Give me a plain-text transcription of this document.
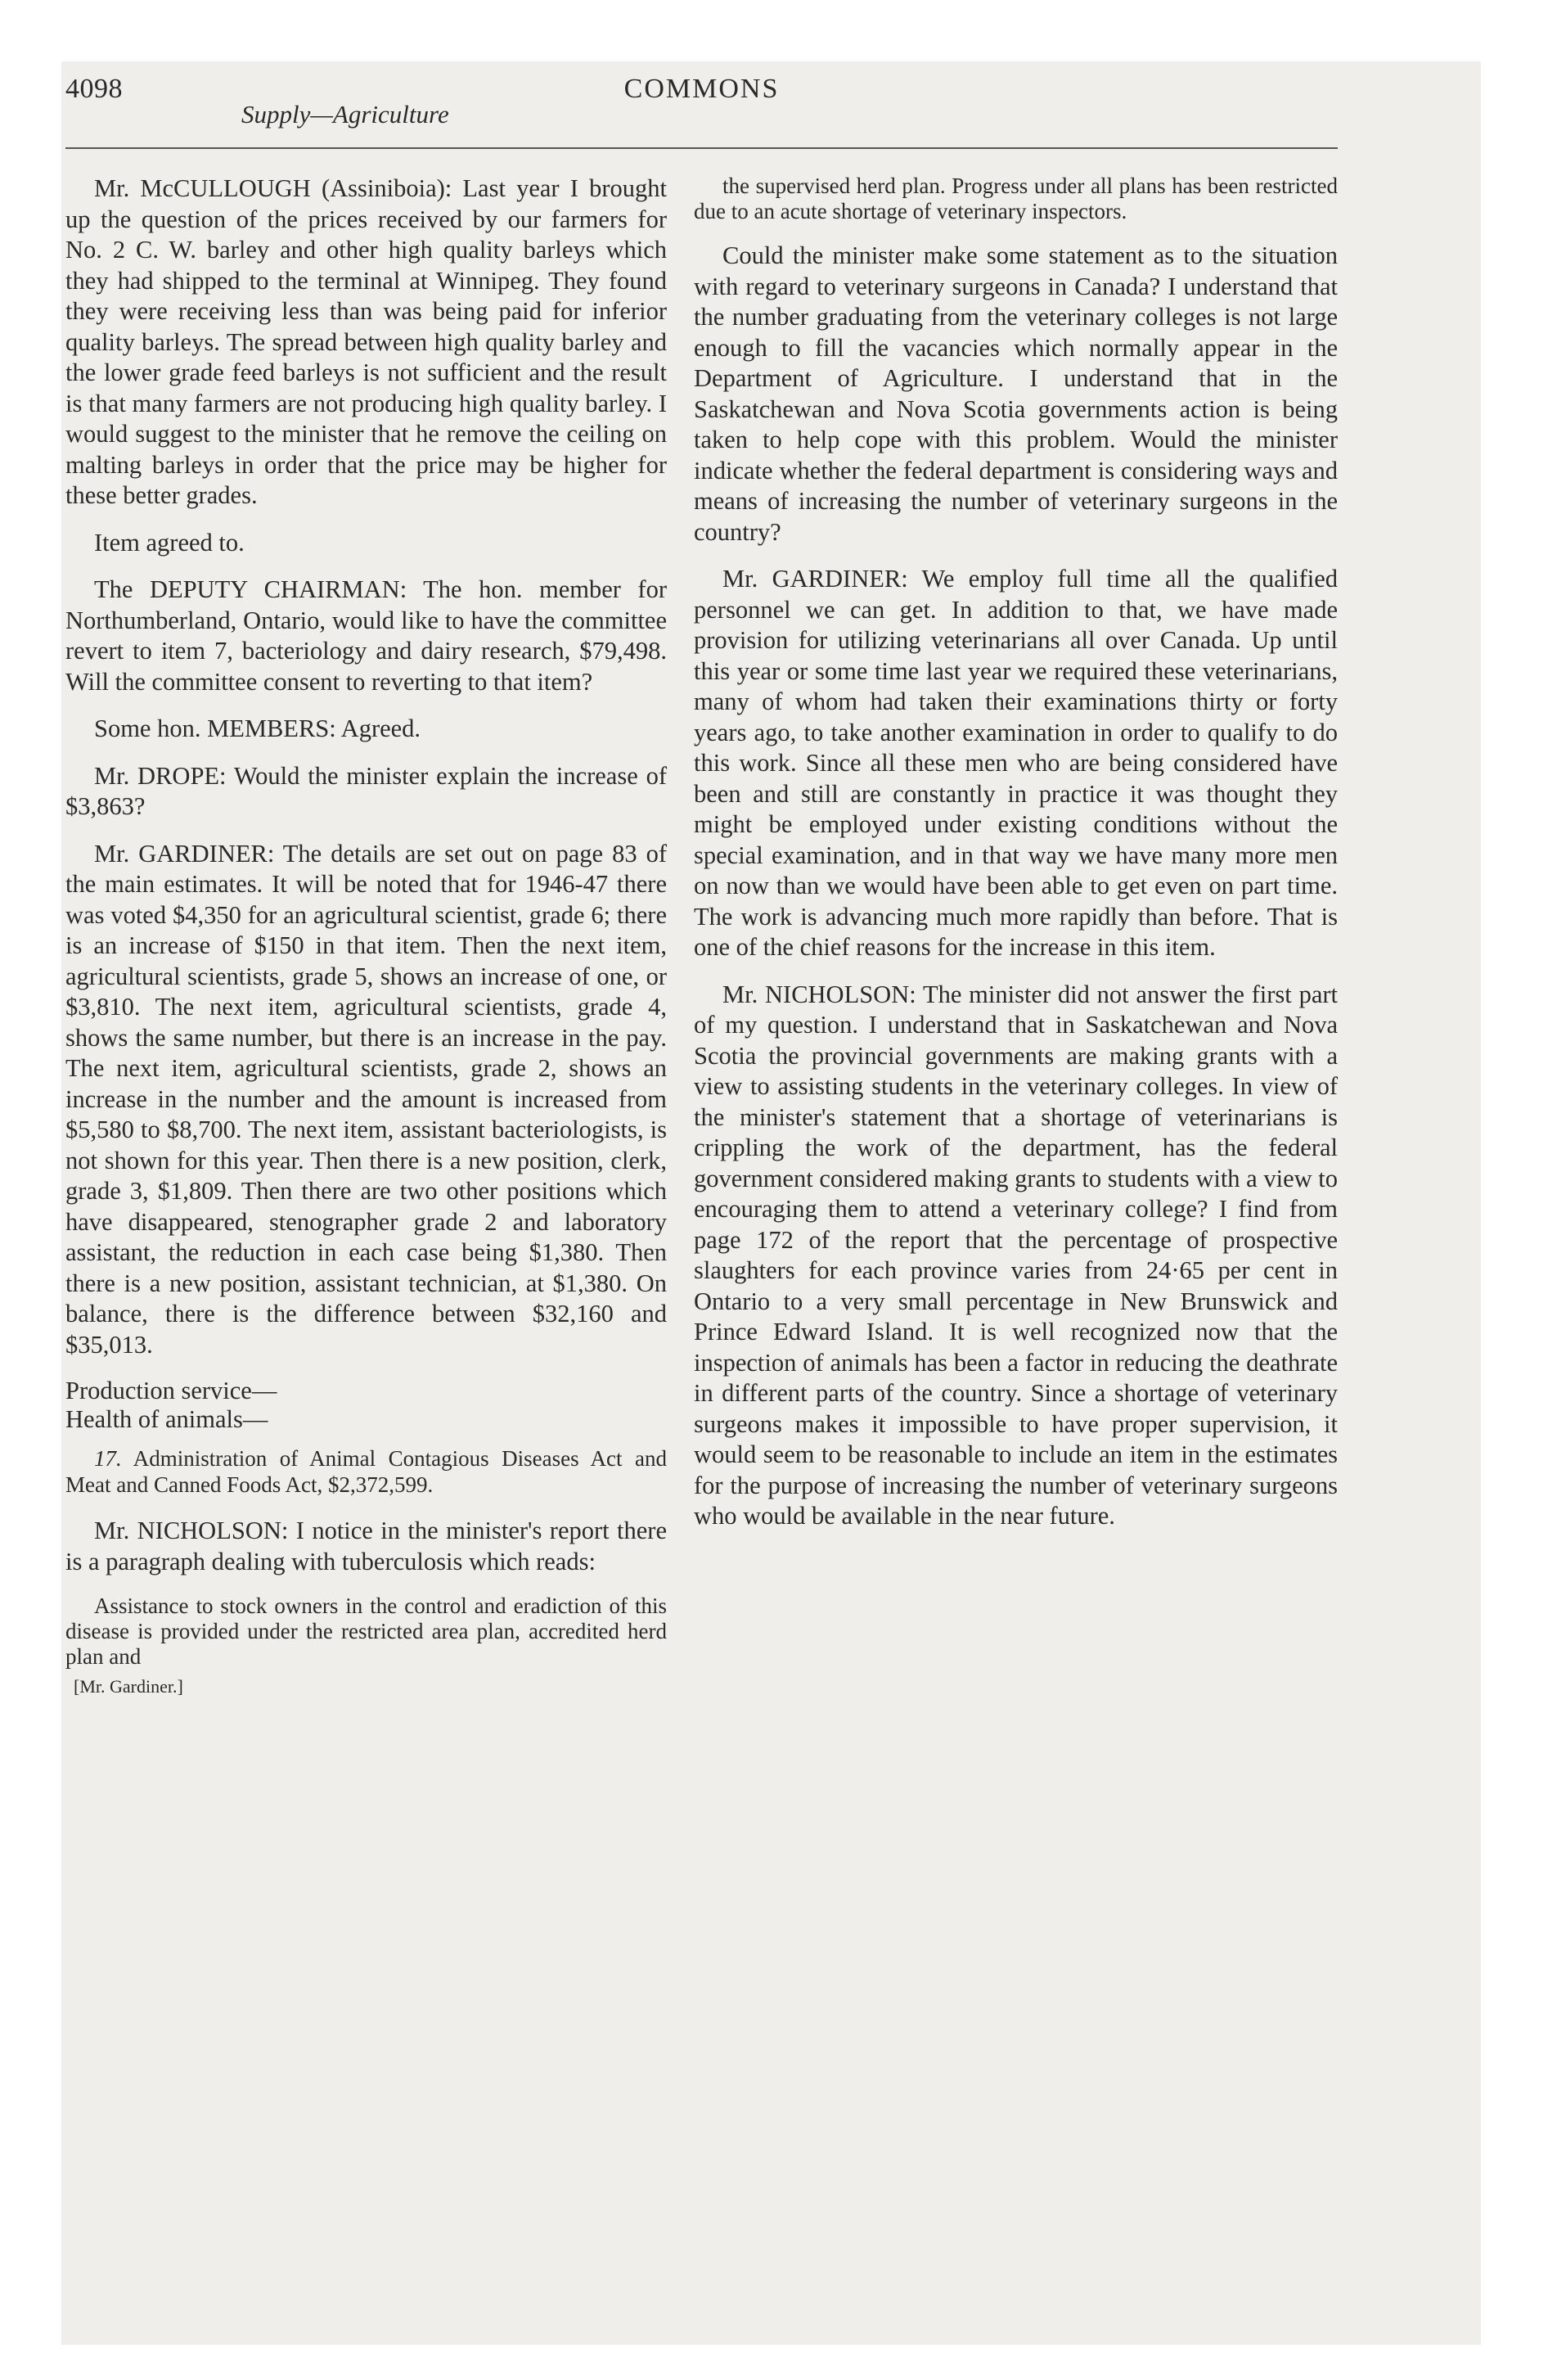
4098
Supply—Agriculture
COMMONS

Mr. McCULLOUGH (Assiniboia): Last year I brought up the question of the prices received by our farmers for No. 2 C. W. barley and other high quality barleys which they had shipped to the terminal at Winnipeg. They found they were receiving less than was being paid for inferior quality barleys. The spread between high quality barley and the lower grade feed barleys is not sufficient and the result is that many farmers are not producing high quality barley. I would suggest to the minister that he remove the ceiling on malting barleys in order that the price may be higher for these better grades.

Item agreed to.

The DEPUTY CHAIRMAN: The hon. member for Northumberland, Ontario, would like to have the committee revert to item 7, bacteriology and dairy research, $79,498. Will the committee consent to reverting to that item?

Some hon. MEMBERS: Agreed.

Mr. DROPE: Would the minister explain the increase of $3,863?

Mr. GARDINER: The details are set out on page 83 of the main estimates. It will be noted that for 1946-47 there was voted $4,350 for an agricultural scientist, grade 6; there is an increase of $150 in that item. Then the next item, agricultural scientists, grade 5, shows an increase of one, or $3,810. The next item, agricultural scientists, grade 4, shows the same number, but there is an increase in the pay. The next item, agricultural scientists, grade 2, shows an increase in the number and the amount is increased from $5,580 to $8,700. The next item, assistant bacteriologists, is not shown for this year. Then there is a new position, clerk, grade 3, $1,809. Then there are two other positions which have disappeared, stenographer grade 2 and laboratory assistant, the reduction in each case being $1,380. Then there is a new position, assistant technician, at $1,380. On balance, there is the difference between $32,160 and $35,013.

Production service—

Health of animals—

17. Administration of Animal Contagious Diseases Act and Meat and Canned Foods Act, $2,372,599.

Mr. NICHOLSON: I notice in the minister's report there is a paragraph dealing with tuberculosis which reads:

Assistance to stock owners in the control and eradiction of this disease is provided under the restricted area plan, accredited herd plan and

[Mr. Gardiner.]

the supervised herd plan. Progress under all plans has been restricted due to an acute shortage of veterinary inspectors.

Could the minister make some statement as to the situation with regard to veterinary surgeons in Canada? I understand that the number graduating from the veterinary colleges is not large enough to fill the vacancies which normally appear in the Department of Agriculture. I understand that in the Saskatchewan and Nova Scotia governments action is being taken to help cope with this problem. Would the minister indicate whether the federal department is considering ways and means of increasing the number of veterinary surgeons in the country?

Mr. GARDINER: We employ full time all the qualified personnel we can get. In addition to that, we have made provision for utilizing veterinarians all over Canada. Up until this year or some time last year we required these veterinarians, many of whom had taken their examinations thirty or forty years ago, to take another examination in order to qualify to do this work. Since all these men who are being considered have been and still are constantly in practice it was thought they might be employed under existing conditions without the special examination, and in that way we have many more men on now than we would have been able to get even on part time. The work is advancing much more rapidly than before. That is one of the chief reasons for the increase in this item.

Mr. NICHOLSON: The minister did not answer the first part of my question. I understand that in Saskatchewan and Nova Scotia the provincial governments are making grants with a view to assisting students in the veterinary colleges. In view of the minister's statement that a shortage of veterinarians is crippling the work of the department, has the federal government considered making grants to students with a view to encouraging them to attend a veterinary college? I find from page 172 of the report that the percentage of prospective slaughters for each province varies from 24·65 per cent in Ontario to a very small percentage in New Brunswick and Prince Edward Island. It is well recognized now that the inspection of animals has been a factor in reducing the deathrate in different parts of the country. Since a shortage of veterinary surgeons makes it impossible to have proper supervision, it would seem to be reasonable to include an item in the estimates for the purpose of increasing the number of veterinary surgeons who would be available in the near future.
